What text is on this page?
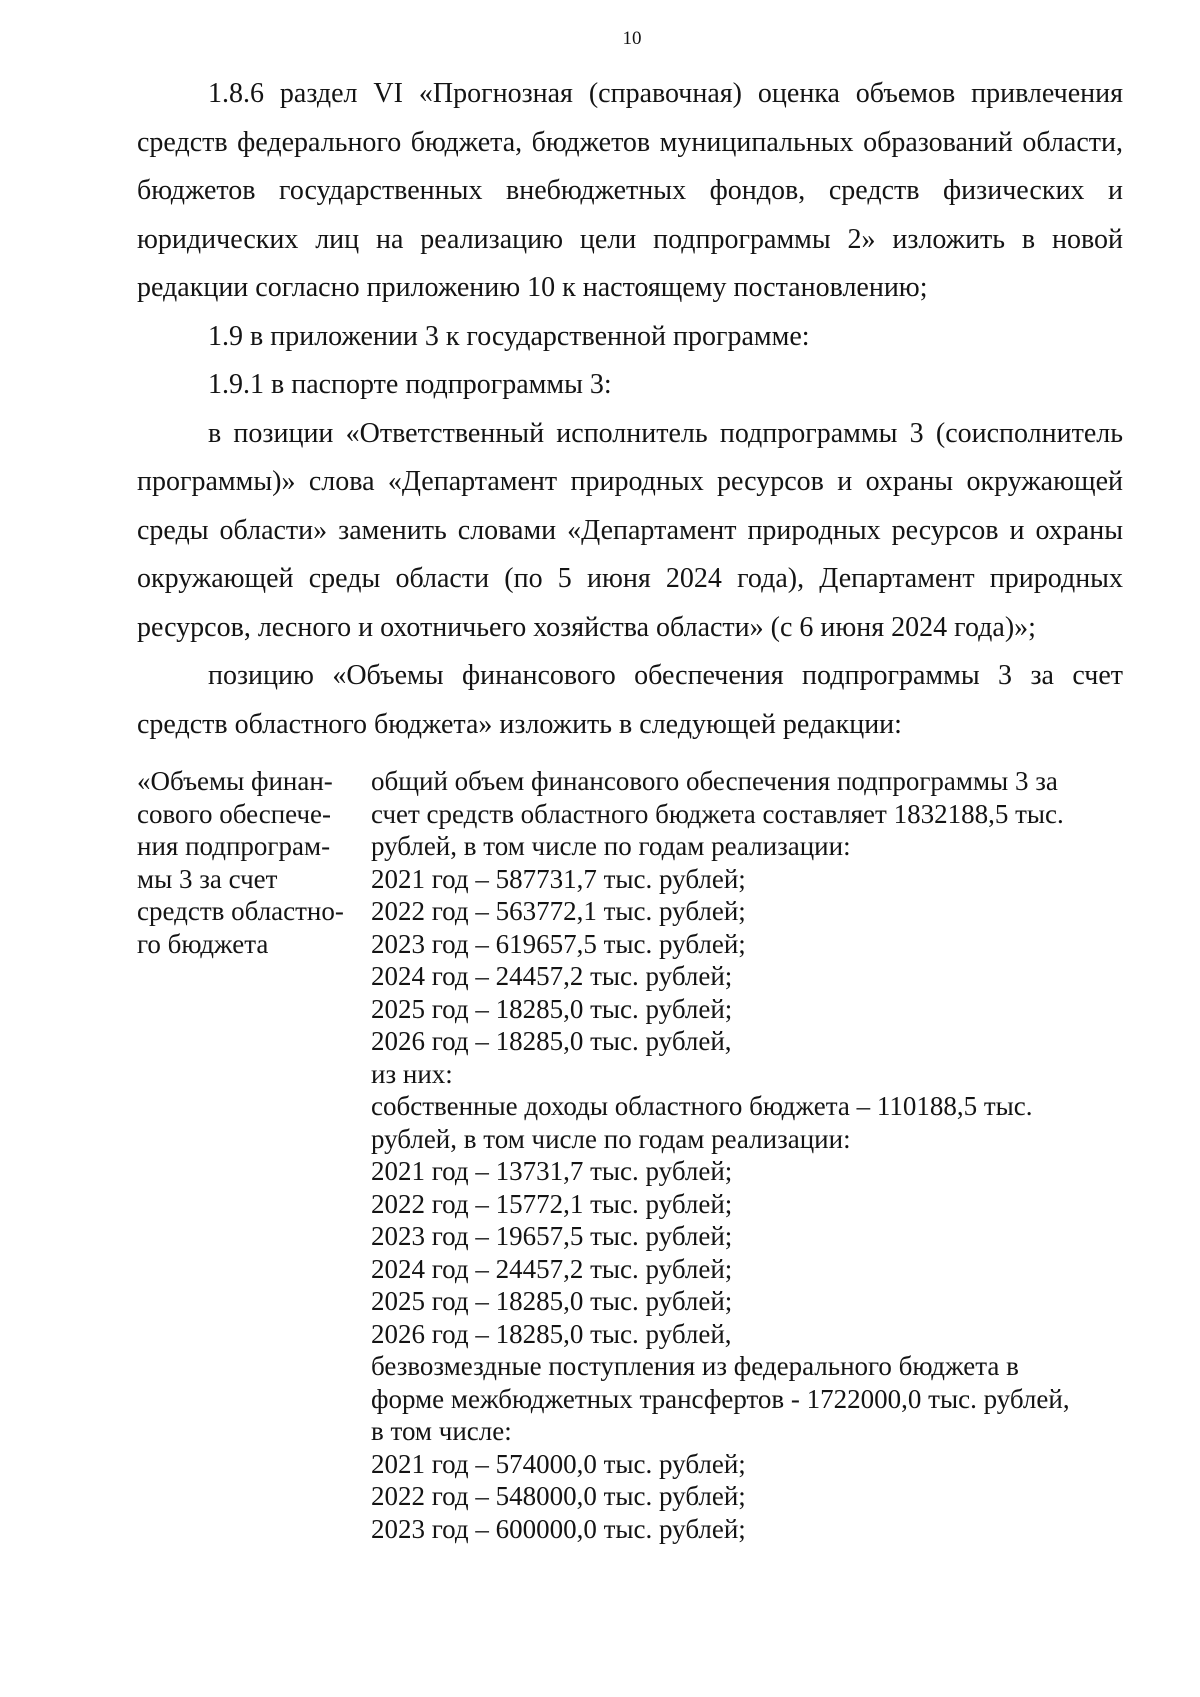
10

1.8.6 раздел VI «Прогнозная (справочная) оценка объемов привлечения средств федерального бюджета, бюджетов муниципальных образований области, бюджетов государственных внебюджетных фондов, средств физических и юридических лиц на реализацию цели подпрограммы 2» изложить в новой редакции согласно приложению 10 к настоящему постановлению;

1.9 в приложении 3 к государственной программе:

1.9.1 в паспорте подпрограммы 3:

в позиции «Ответственный исполнитель подпрограммы 3 (соисполнитель программы)» слова «Департамент природных ресурсов и охраны окружающей среды области» заменить словами «Департамент природных ресурсов и охраны окружающей среды области (по 5 июня 2024 года), Департамент природных ресурсов, лесного и охотничьего хозяйства области» (с 6 июня 2024 года)»;

позицию «Объемы финансового обеспечения подпрограммы 3 за счет средств областного бюджета» изложить в следующей редакции:

«Объемы финан-
сового обеспече-
ния подпрограм-
мы 3 за счет
средств областно-
го бюджета
общий объем финансового обеспечения подпрограммы 3 за
счет средств областного бюджета составляет 1832188,5 тыс.
рублей, в том числе по годам реализации:
2021 год – 587731,7 тыс. рублей;
2022 год – 563772,1 тыс. рублей;
2023 год – 619657,5 тыс. рублей;
2024 год – 24457,2 тыс. рублей;
2025 год – 18285,0 тыс. рублей;
2026 год – 18285,0 тыс. рублей,
из них:
собственные доходы областного бюджета – 110188,5 тыс.
рублей, в том числе по годам реализации:
2021 год – 13731,7 тыс. рублей;
2022 год – 15772,1 тыс. рублей;
2023 год – 19657,5 тыс. рублей;
2024 год – 24457,2 тыс. рублей;
2025 год – 18285,0 тыс. рублей;
2026 год – 18285,0 тыс. рублей,
безвозмездные поступления из федерального бюджета в
форме межбюджетных трансфертов - 1722000,0 тыс. рублей,
в том числе:
2021 год – 574000,0 тыс. рублей;
2022 год – 548000,0 тыс. рублей;
2023 год – 600000,0 тыс. рублей;
